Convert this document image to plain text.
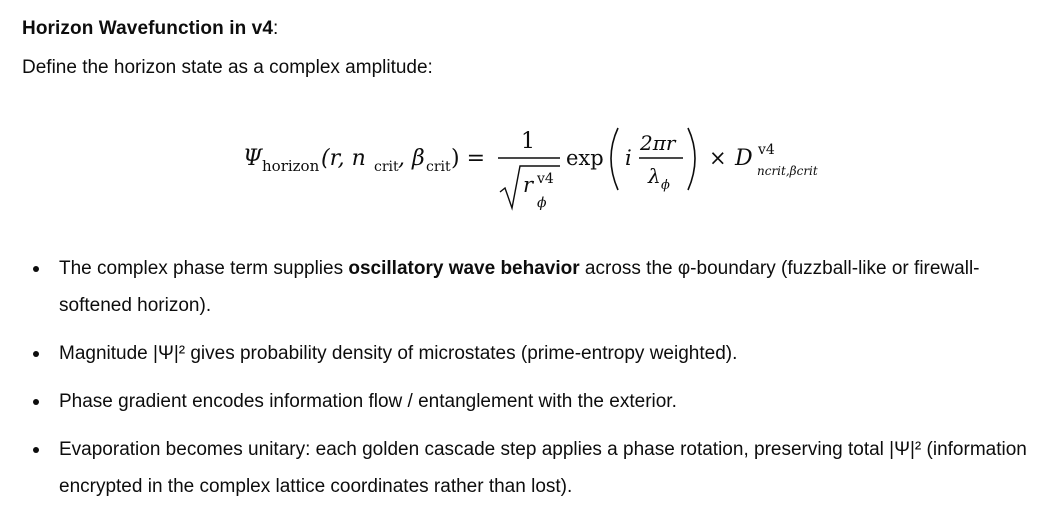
Horizon Wavefunction in v4:
Define the horizon state as a complex amplitude:
Ψ horizon (r, n crit , β crit ) =
1
r v4
ϕ
exp i
2πr
λ ϕ
× D v4
ncrit,βcrit
The complex phase term supplies oscillatory wave behavior across the φ-boundary (fuzzball-like or firewall-softened horizon).
Magnitude |Ψ|² gives probability density of microstates (prime-entropy weighted).
Phase gradient encodes information flow / entanglement with the exterior.
Evaporation becomes unitary: each golden cascade step applies a phase rotation, preserving total |Ψ|² (information encrypted in the complex lattice coordinates rather than lost).
